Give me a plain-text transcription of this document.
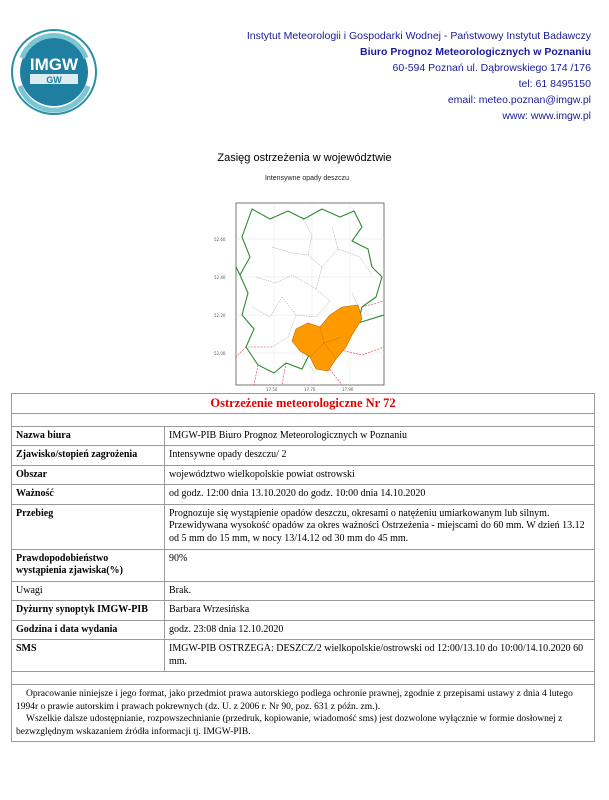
IMGW
GW
Instytut Meteorologii i Gospodarki Wodnej - Państwowy Instytut Badawczy
Biuro Prognoz Meteorologicznych w Poznaniu
60-594 Poznań ul. Dąbrowskiego 174 /176
tel: 61 8495150
email: meteo.poznan@imgw.pl
www: www.imgw.pl
Zasięg ostrzeżenia w województwie
Intensywne opady deszczu
52.60
52.40
52.20
52.00
17.50	17.70	17.90
Ostrzeżenie meteorologiczne Nr 72	

Nazwa biura	IMGW-PIB Biuro Prognoz Meteorologicznych w Poznaniu
Zjawisko/stopień zagrożenia	Intensywne opady deszczu/ 2
Obszar	województwo wielkopolskie powiat ostrowski
Ważność	od godz. 12:00 dnia 13.10.2020 do godz. 10:00 dnia 14.10.2020
Przebieg	Prognozuje się wystąpienie opadów deszczu, okresami o natężeniu umiarkowanym lub silnym. Przewidywana wysokość opadów za okres ważności Ostrzeżenia - miejscami do 60 mm. W dzień 13.12 od 5 mm do 15 mm, w nocy 13/14.12 od 30 mm do 45 mm.
Prawdopodobieństwo wystąpienia zjawiska(%)	90%
Uwagi	Brak.
Dyżurny synoptyk IMGW-PIB	Barbara Wrzesińska
Godzina i data wydania	godz. 23:08 dnia 12.10.2020
SMS	IMGW-PIB OSTRZEGA: DESZCZ/2 wielkopolskie/ostrowski od 12:00/13.10 do 10:00/14.10.2020 60 mm.

Opracowanie niniejsze i jego format, jako przedmiot prawa autorskiego podlega ochronie prawnej, zgodnie z przepisami ustawy z dnia 4 lutego 1994r o prawie autorskim i prawach pokrewnych (dz. U. z 2006 r. Nr 90, poz. 631 z późn. zm.).

Wszelkie dalsze udostępnianie, rozpowszechnianie (przedruk, kopiowanie, wiadomość sms) jest dozwolone wyłącznie w formie dosłownej z bezwzględnym wskazaniem źródła informacji tj. IMGW-PIB.	
